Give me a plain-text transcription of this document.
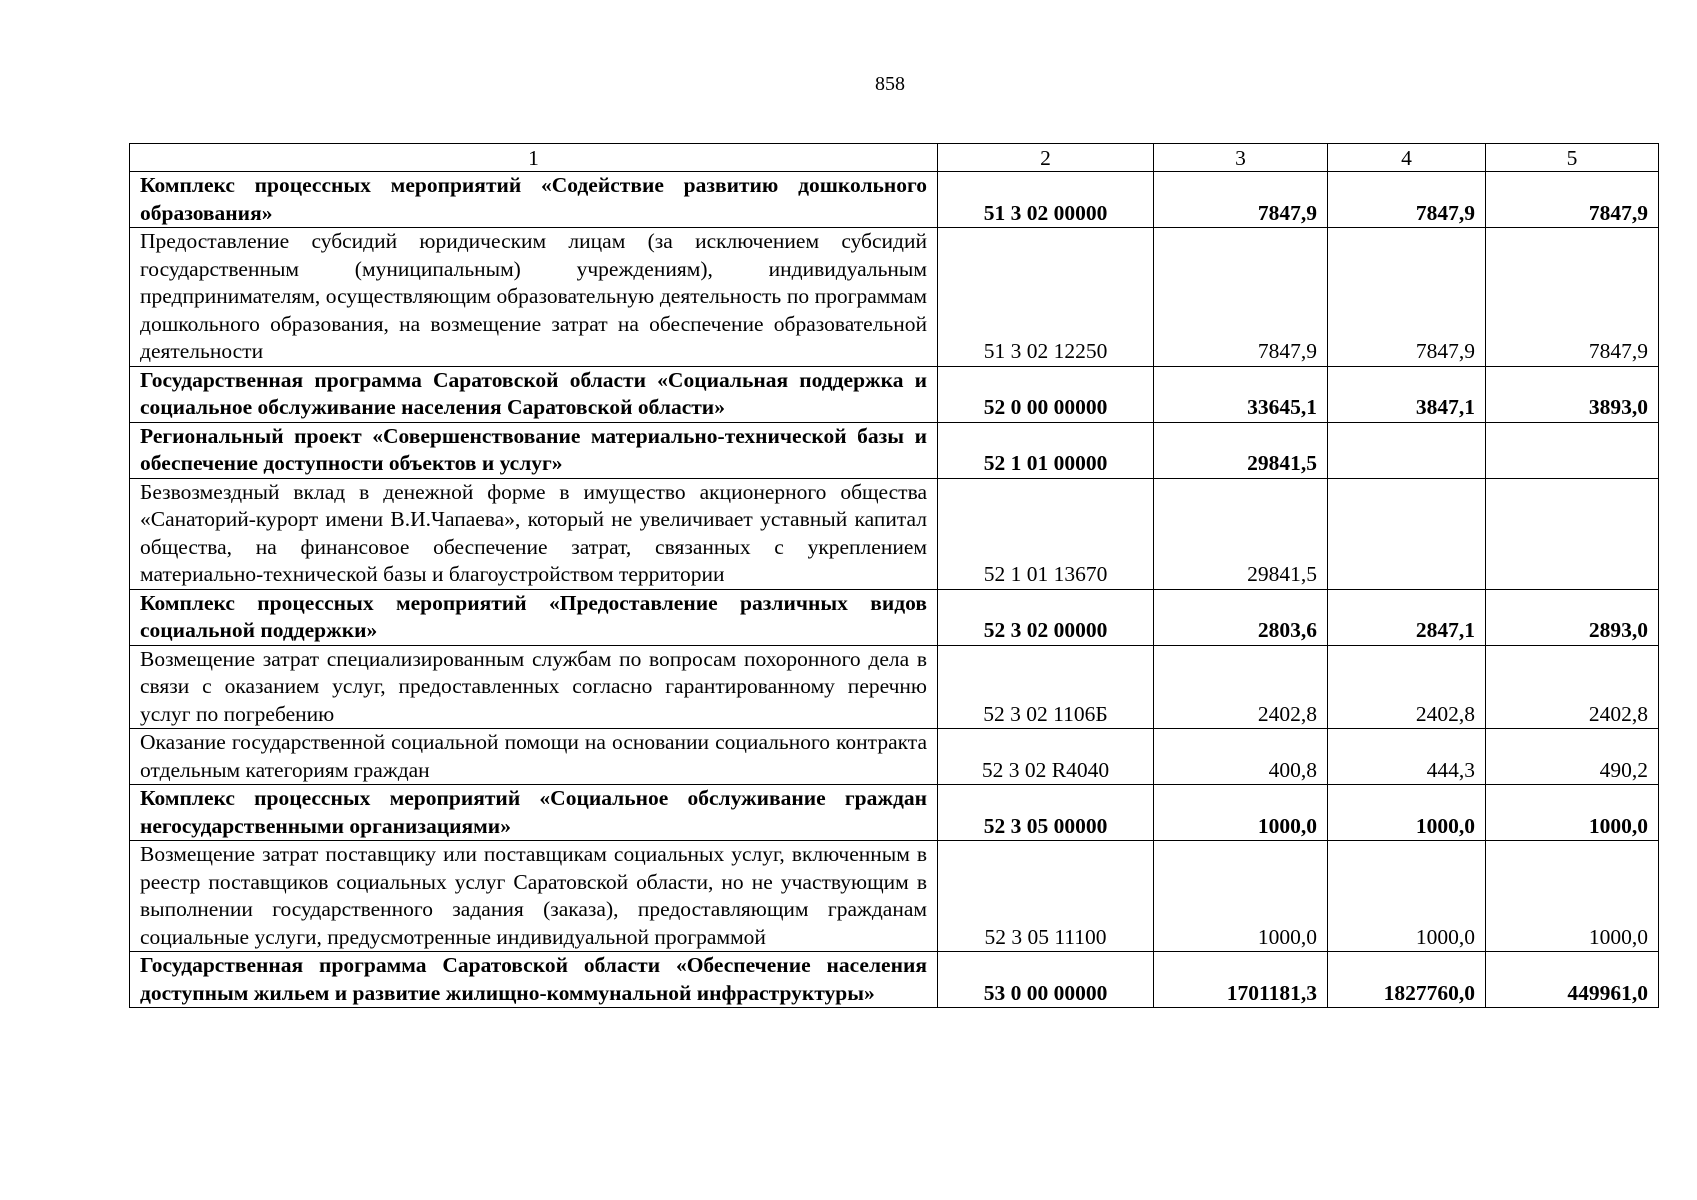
858
1	2	3	4	5
Комплекс процессных мероприятий «Содействие развитию дошкольного образования»	51 3 02 00000	7847,9	7847,9	7847,9
Предоставление субсидий юридическим лицам (за исключением субсидий государственным (муниципальным) учреждениям), индивидуальным предпринимателям, осуществляющим образовательную деятельность по программам дошкольного образования, на возмещение затрат на обеспечение образовательной деятельности	51 3 02 12250	7847,9	7847,9	7847,9
Государственная программа Саратовской области «Социальная поддержка и социальное обслуживание населения Саратовской области»	52 0 00 00000	33645,1	3847,1	3893,0
Региональный проект «Совершенствование материально-технической базы и обеспечение доступности объектов и услуг»	52 1 01 00000	29841,5		
Безвозмездный вклад в денежной форме в имущество акционерного общества «Санаторий-курорт имени В.И.Чапаева», который не увеличивает уставный капитал общества, на финансовое обеспечение затрат, связанных с укреплением материально-технической базы и благоустройством территории	52 1 01 13670	29841,5		
Комплекс процессных мероприятий «Предоставление различных видов социальной поддержки»	52 3 02 00000	2803,6	2847,1	2893,0
Возмещение затрат специализированным службам по вопросам похоронного дела в связи с оказанием услуг, предоставленных согласно гарантированному перечню услуг по погребению	52 3 02 1106Б	2402,8	2402,8	2402,8
Оказание государственной социальной помощи на основании социального контракта отдельным категориям граждан	52 3 02 R4040	400,8	444,3	490,2
Комплекс процессных мероприятий «Социальное обслуживание граждан негосударственными организациями»	52 3 05 00000	1000,0	1000,0	1000,0
Возмещение затрат поставщику или поставщикам социальных услуг, включенным в реестр поставщиков социальных услуг Саратовской области, но не участвующим в выполнении государственного задания (заказа), предоставляющим гражданам социальные услуги, предусмотренные индивидуальной программой	52 3 05 11100	1000,0	1000,0	1000,0
Государственная программа Саратовской области «Обеспечение населения доступным жильем и развитие жилищно-коммунальной инфраструктуры»	53 0 00 00000	1701181,3	1827760,0	449961,0
